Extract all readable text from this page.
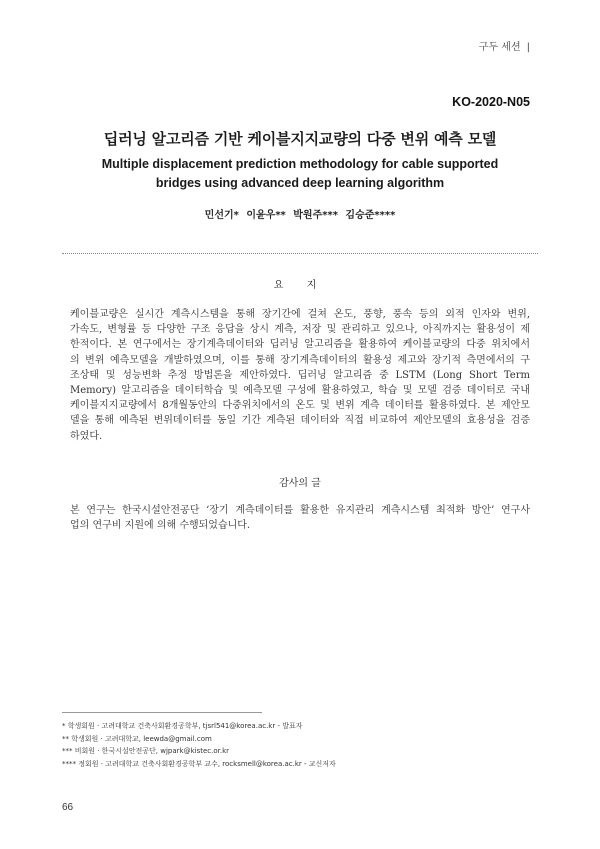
구두 세션 |
KO-2020-N05
딥러닝 알고리즘 기반 케이블지지교량의 다중 변위 예측 모델
Multiple displacement prediction methodology for cable supported
bridges using advanced deep learning algorithm
민선기* 이윤우** 박원주*** 김승준****
요 지
케이블교량은 실시간 계측시스템을 통해 장기간에 걸쳐 온도, 풍향, 풍속 등의 외적 인자와 변위,
가속도, 변형률 등 다양한 구조 응답을 상시 계측, 저장 및 관리하고 있으나, 아직까지는 활용성이 제
한적이다. 본 연구에서는 장기계측데이터와 딥러닝 알고리즘을 활용하여 케이블교량의 다중 위치에서
의 변위 예측모델을 개발하였으며, 이를 통해 장기계측데이터의 활용성 제고와 장기적 측면에서의 구
조상태 및 성능변화 추정 방법론을 제안하였다. 딥러닝 알고리즘 중 LSTM (Long Short Term
Memory) 알고리즘을 데이터학습 및 예측모델 구성에 활용하였고, 학습 및 모델 검증 데이터로 국내
케이블지지교량에서 8개월동안의 다중위치에서의 온도 및 변위 계측 데이터를 활용하였다. 본 제안모
델을 통해 예측된 변위데이터를 동일 기간 계측된 데이터와 직접 비교하여 제안모델의 효용성을 검증
하였다.
감사의 글
본 연구는 한국시설안전공단 ‘장기 계측데이터를 활용한 유지관리 계측시스템 최적화 방안’ 연구사
업의 연구비 지원에 의해 수행되었습니다.
* 학생회원 · 고려대학교 건축사회환경공학부, tjsrl541@korea.ac.kr - 발표자
** 학생회원 · 고려대학교, leewda@gmail.com
*** 비회원 · 한국시설안전공단, wjpark@kistec.or.kr
**** 정회원 · 고려대학교 건축사회환경공학부 교수, rocksmell@korea.ac.kr - 교신저자
66
